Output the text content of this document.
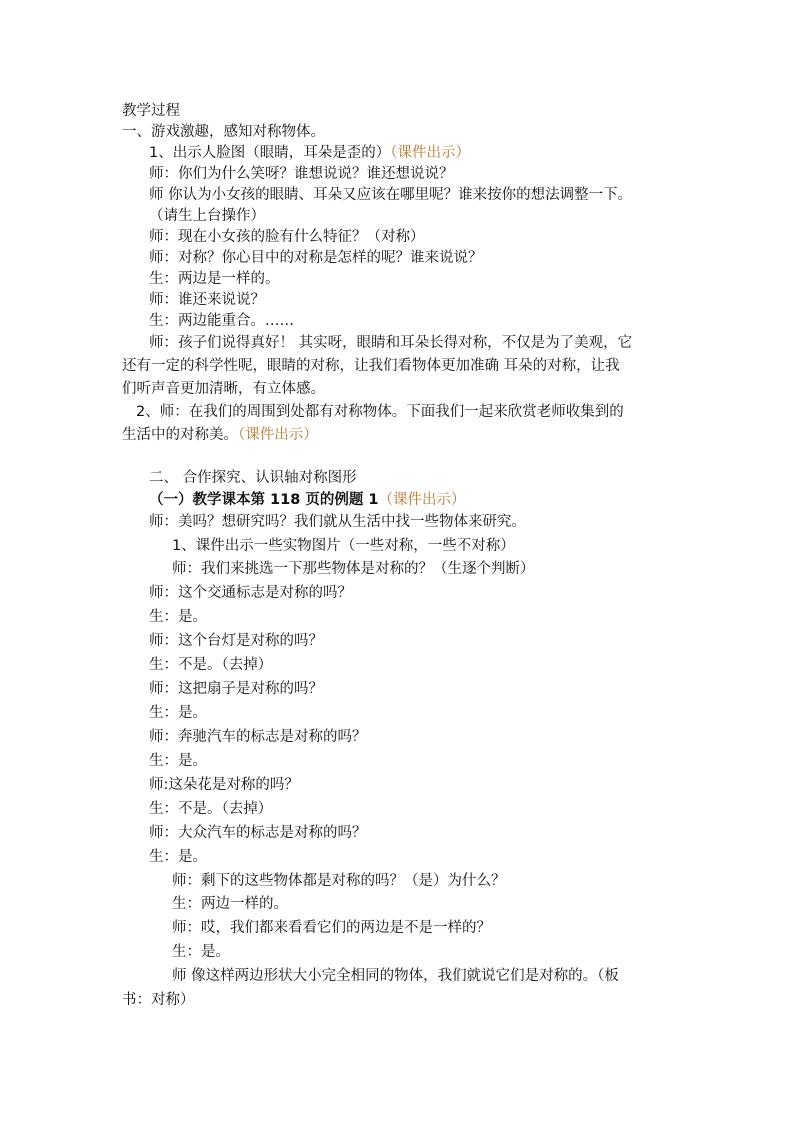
教学过程
一、游戏激趣，感知对称物体。
1、出示人脸图（眼睛，耳朵是歪的）（课件出示）
师：你们为什么笑呀？谁想说说？谁还想说说？
师 你认为小女孩的眼睛、耳朵又应该在哪里呢？谁来按你的想法调整一下。
（请生上台操作）
师：现在小女孩的脸有什么特征？（对称）
师：对称？你心目中的对称是怎样的呢？谁来说说？
生：两边是一样的。
师：谁还来说说？
生：两边能重合。……
师：孩子们说得真好！ 其实呀，眼睛和耳朵长得对称，不仅是为了美观，它
还有一定的科学性呢，眼睛的对称，让我们看物体更加准确 耳朵的对称，让我
们听声音更加清晰，有立体感。
2、师：在我们的周围到处都有对称物体。下面我们一起来欣赏老师收集到的
生活中的对称美。（课件出示）
二、 合作探究、认识轴对称图形
（一）教学课本第 118 页的例题 1（课件出示）
师：美吗？想研究吗？我们就从生活中找一些物体来研究。
1、课件出示一些实物图片（一些对称，一些不对称）
师：我们来挑选一下那些物体是对称的？（生逐个判断）
师：这个交通标志是对称的吗？
生：是。
师：这个台灯是对称的吗？
生：不是。（去掉）
师：这把扇子是对称的吗？
生：是。
师：奔驰汽车的标志是对称的吗？
生：是。
师:这朵花是对称的吗？
生：不是。（去掉）
师：大众汽车的标志是对称的吗？
生：是。
师：剩下的这些物体都是对称的吗？（是）为什么？
生：两边一样的。
师：哎，我们都来看看它们的两边是不是一样的？
生：是。
师 像这样两边形状大小完全相同的物体，我们就说它们是对称的。（板
书：对称）
